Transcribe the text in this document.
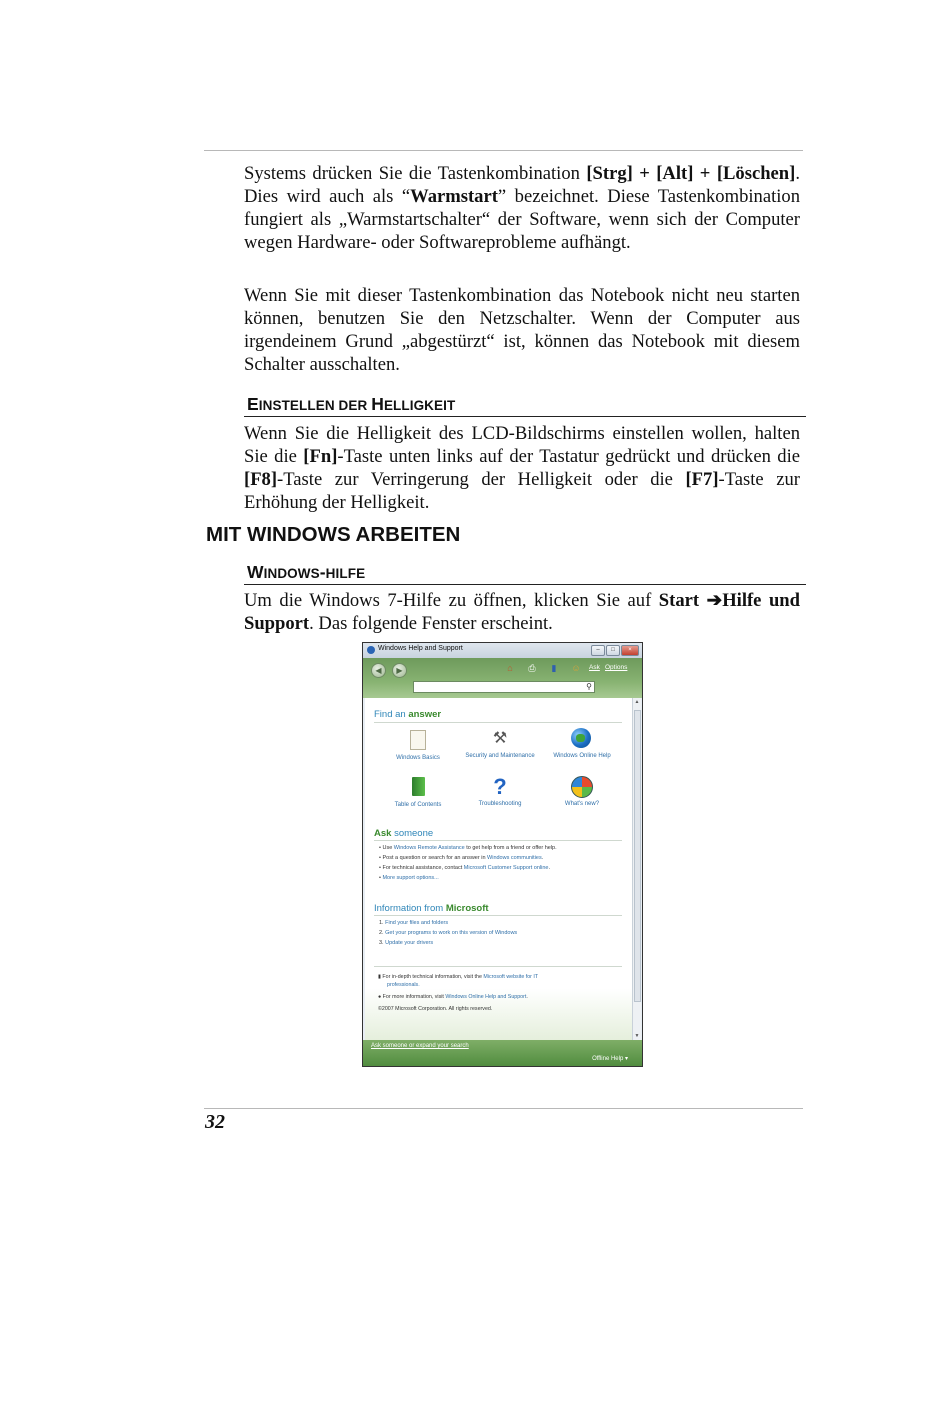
Systems drücken Sie die Tastenkombination [Strg] + [Alt] + [Löschen]. Dies wird auch als “Warmstart” bezeichnet. Diese Tastenkombination fungiert als „Warmstartschalter“ der Software, wenn sich der Computer wegen Hardware- oder Softwareprobleme aufhängt.

Wenn Sie mit dieser Tastenkombination das Notebook nicht neu starten können, benutzen Sie den Netzschalter. Wenn der Computer aus irgendeinem Grund „abgestürzt“ ist, können das Notebook mit diesem Schalter ausschalten.

EINSTELLEN DER HELLIGKEIT

Wenn Sie die Helligkeit des LCD-Bildschirms einstellen wollen, halten Sie die [Fn]-Taste unten links auf der Tastatur gedrückt und drücken die [F8]-Taste zur Verringerung der Helligkeit oder die [F7]-Taste zur Erhöhung der Helligkeit.

MIT WINDOWS ARBEITEN
WINDOWS-HILFE

Um die Windows 7-Hilfe zu öffnen, klicken Sie auf Start ➔Hilfe und Support. Das folgende Fenster erscheint.

Windows Help and Support	–	□	×
◀	▶	⌂ ⎙ ▮ ☺ Ask Options
⚲
Find an answer
Windows Basics
⚒
Security and Maintenance	Windows Online Help
Table of Contents
?
Troubleshooting	What's new?
Ask someone
• Use Windows Remote Assistance to get help from a friend or offer help.
• Post a question or search for an answer in Windows communities.
• For technical assistance, contact Microsoft Customer Support online.
• More support options...
Information from Microsoft
1. Find your files and folders
2. Get your programs to work on this version of Windows
3. Update your drivers
▮ For in-depth technical information, visit the Microsoft website for IT
professionals.
● For more information, visit Windows Online Help and Support.
©2007 Microsoft Corporation. All rights reserved.
▲
▼
Ask someone or expand your search
Offline Help ▾
32
